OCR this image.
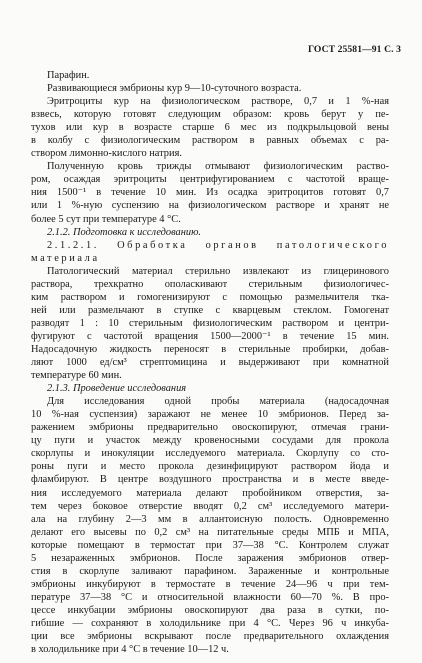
ГОСТ 25581—91 С. 3
Парафин.
Развивающиеся эмбрионы кур 9—10-суточного возраста.
Эритроциты кур на физиологическом растворе, 0,7 и 1 %-ная
взвесь, которую готовят следующим образом: кровь берут у пе-
тухов или кур в возрасте старше 6 мес из подкрыльцовой вены
в колбу с физиологическим раствором в равных объемах с ра-
створом лимонно-кислого натрия.
Полученную кровь трижды отмывают физиологическим раство-
ром, осаждая эритроциты центрифугированием с частотой враще-
ния 1500⁻¹ в течение 10 мин. Из осадка эритроцитов готовят 0,7
или 1 %-ную суспензию на физиологическом растворе и хранят не
более 5 сут при температуре 4 °С.
2.1.2. Подготовка к исследованию.
2.1.2.1. Обработка органов патологического
материала
Патологический материал стерильно извлекают из глицеринового
раствора, трехкратно ополаскивают стерильным физиологичес-
ким раствором и гомогенизируют с помощью размельчителя тка-
ней или размельчают в ступке с кварцевым стеклом. Гомогенат
разводят 1 : 10 стерильным физиологическим раствором и центри-
фугируют с частотой вращения 1500—2000⁻¹ в течение 15 мин.
Надосадочную жидкость переносят в стерильные пробирки, добав-
ляют 1000 ед/см³ стрептомицина и выдерживают при комнатной
температуре 60 мин.
2.1.3. Проведение исследования
Для исследования одной пробы материала (надосадочная
10 %-ная суспензия) заражают не менее 10 эмбрионов. Перед за-
ражением эмбрионы предварительно овоскопируют, отмечая грани-
цу пуги и участок между кровеносными сосудами для прокола
скорлупы и инокуляции исследуемого материала. Скорлупу со сто-
роны пуги и место прокола дезинфицируют раствором йода и
фламбируют. В центре воздушного пространства и в месте введе-
ния исследуемого материала делают пробойником отверстия, за-
тем через боковое отверстие вводят 0,2 см³ исследуемого матери-
ала на глубину 2—3 мм в аллантоисную полость. Одновременно
делают его высевы по 0,2 см³ на питательные среды МПБ и МПА,
которые помещают в термостат при 37—38 °С. Контролем служат
5 незараженных эмбрионов. После заражения эмбрионов отвер-
стия в скорлупе заливают парафином. Зараженные и контрольные
эмбрионы инкубируют в термостате в течение 24—96 ч при тем-
пературе 37—38 °С и относительной влажности 60—70 %. В про-
цессе инкубации эмбрионы овоскопируют два раза в сутки, по-
гибшие — сохраняют в холодильнике при 4 °С. Через 96 ч инкуба-
ции все эмбрионы вскрывают после предварительного охлаждения
в холодильнике при 4 °С в течение 10—12 ч.
